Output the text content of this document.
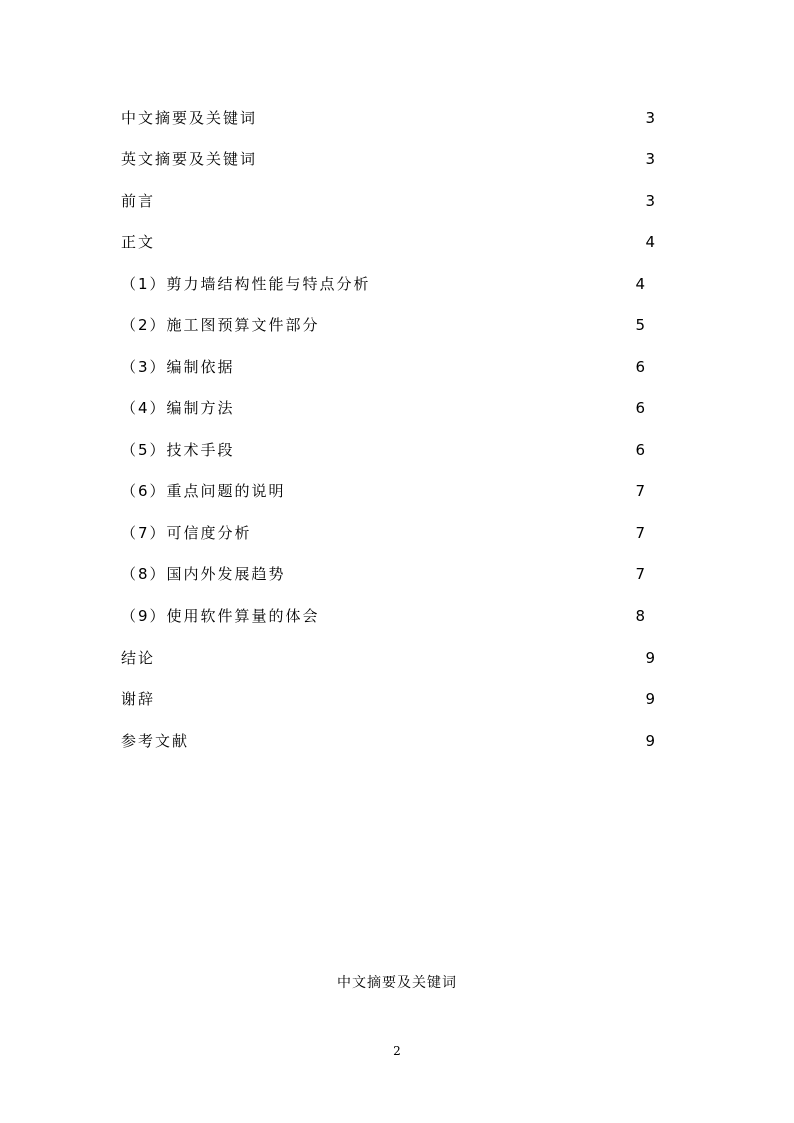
中文摘要及关键词	3
英文摘要及关键词	3
前言	3
正文	4
（1）剪力墙结构性能与特点分析	4
（2）施工图预算文件部分	5
（3）编制依据	6
（4）编制方法	6
（5）技术手段	6
（6）重点问题的说明	7
（7）可信度分析	7
（8）国内外发展趋势	7
（9）使用软件算量的体会	8
结论	9
谢辞	9
参考文献	9
中文摘要及关键词
2
